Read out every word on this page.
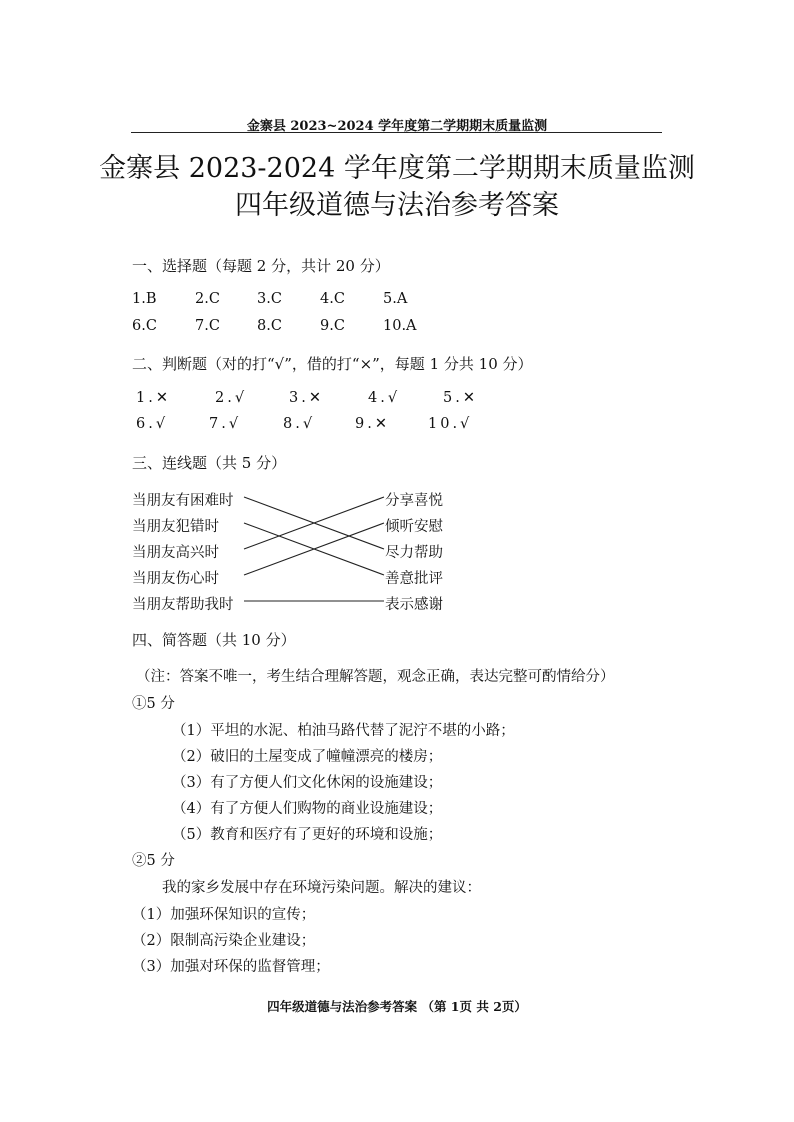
金寨县 2023~2024 学年度第二学期期末质量监测
金寨县 2023-2024 学年度第二学期期末质量监测
四年级道德与法治参考答案
一、选择题（每题 2 分，共计 20 分）
1.B	2.C	3.C	4.C	5.A
6.C	7.C	8.C	9.C	10.A
二、判断题（对的打“√”，借的打“×”，每题 1 分共 10 分）
1.✕	2.√	3.✕	4.√	5.✕
6.√	7.√	8.√	9.✕	10.√
三、连线题（共 5 分）
当朋友有困难时
当朋友犯错时
当朋友高兴时
当朋友伤心时
当朋友帮助我时
分享喜悦
倾听安慰
尽力帮助
善意批评
表示感谢
四、简答题（共 10 分）
（注：答案不唯一，考生结合理解答题，观念正确，表达完整可酌情给分）
①5 分
（1）平坦的水泥、柏油马路代替了泥泞不堪的小路；
（2）破旧的土屋变成了幢幢漂亮的楼房；
（3）有了方便人们文化休闲的设施建设；
（4）有了方便人们购物的商业设施建设；
（5）教育和医疗有了更好的环境和设施；
②5 分
我的家乡发展中存在环境污染问题。解决的建议：
（1）加强环保知识的宣传；
（2）限制高污染企业建设；
（3）加强对环保的监督管理；
四年级道德与法治参考答案 （第 1页 共 2页）
